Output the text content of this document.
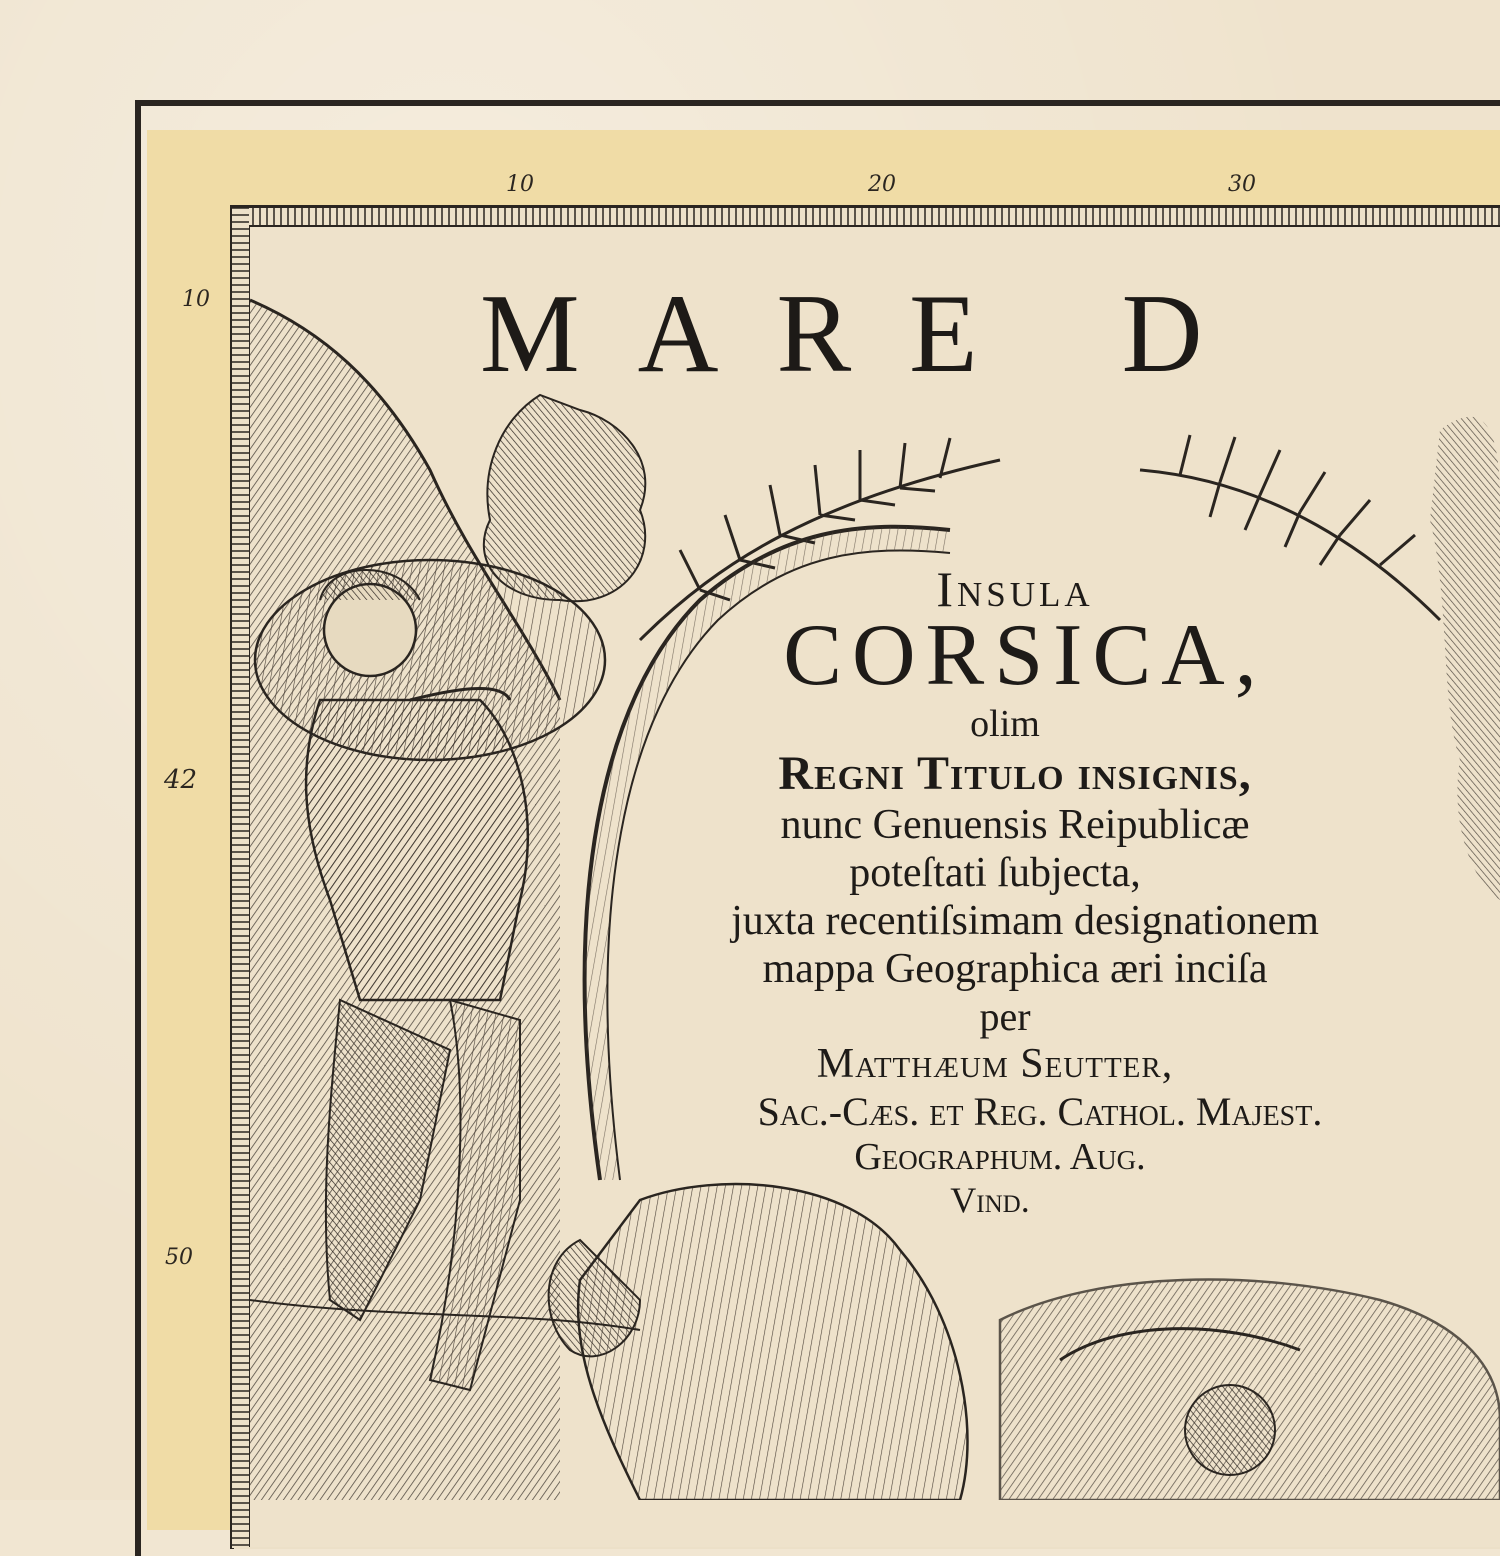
10	20	30
10
42
50
MARE D
Insula
CORSICA,
olim
Regni Titulo insignis,
nunc Genuensis Reipublicæ
poteſtati ſubjecta,
juxta recentiſsimam designationem
mappa Geographica æri inciſa
per
Matthæum Seutter,
Sac.-Cæs. et Reg. Cathol. Majest.
Geographum. Aug.
Vind.
